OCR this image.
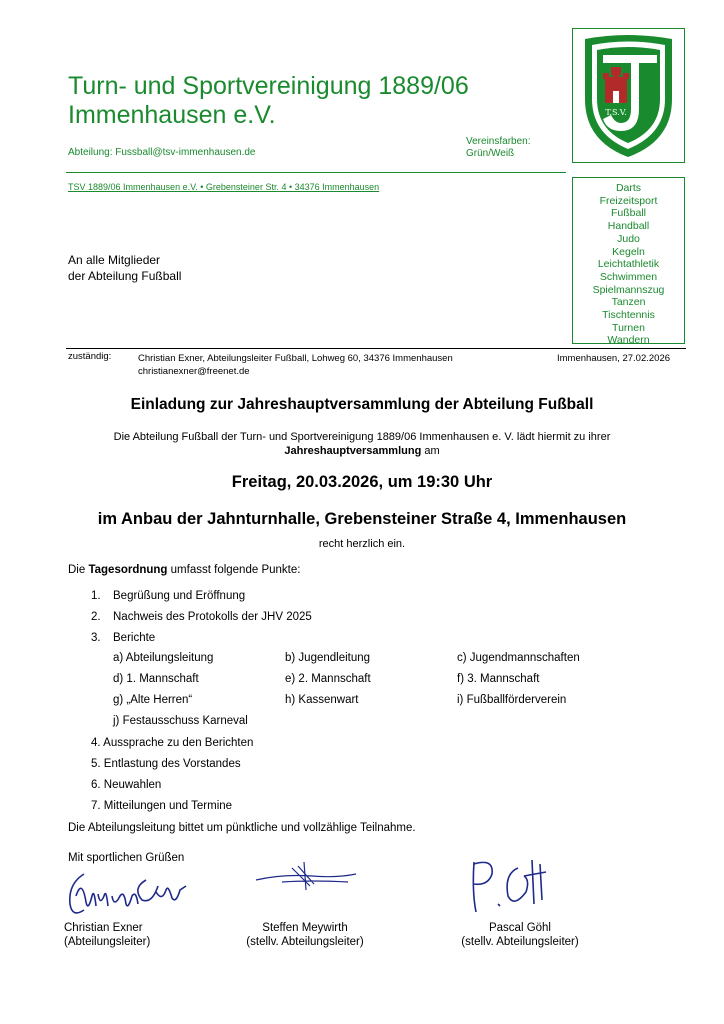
Turn- und Sportvereinigung 1889/06
Immenhausen e.V.
Abteilung: Fussball@tsv-immenhausen.de
Vereinsfarben:
Grün/Weiß
T.S.V.
TSV 1889/06 Immenhausen e.V. • Grebensteiner Str. 4 • 34376 Immenhausen	Darts
Freizeitsport
Fußball
Handball
Judo
Kegeln
Leichtathletik
Schwimmen
Spielmannszug
Tanzen
Tischtennis
Turnen
Wandern
An alle Mitglieder
der Abteilung Fußball
zuständig:	Christian Exner, Abteilungsleiter Fußball, Lohweg 60, 34376 Immenhausen
christianexner@freenet.de
Immenhausen, 27.02.2026
Einladung zur Jahreshauptversammlung der Abteilung Fußball
Die Abteilung Fußball der Turn- und Sportvereinigung 1889/06 Immenhausen e. V. lädt hiermit zu ihrer
Jahreshauptversammlung am
Freitag, 20.03.2026, um 19:30 Uhr
im Anbau der Jahnturnhalle, Grebensteiner Straße 4, Immenhausen
recht herzlich ein.
Die Tagesordnung umfasst folgende Punkte:
1. Begrüßung und Eröffnung
2. Nachweis des Protokolls der JHV 2025
3. Berichte
a) Abteilungsleitung	b) Jugendleitung	c) Jugendmannschaften
d) 1. Mannschaft	e) 2. Mannschaft	f) 3. Mannschaft
g) „Alte Herren“	h) Kassenwart	i) Fußballförderverein
j) Festausschuss Karneval
4. Aussprache zu den Berichten
5. Entlastung des Vorstandes
6. Neuwahlen
7. Mitteilungen und Termine
Die Abteilungsleitung bittet um pünktliche und vollzählige Teilnahme.
Mit sportlichen Grüßen
Christian Exner
(Abteilungsleiter)
Steffen Meywirth
(stellv. Abteilungsleiter)
Pascal Göhl
(stellv. Abteilungsleiter)
